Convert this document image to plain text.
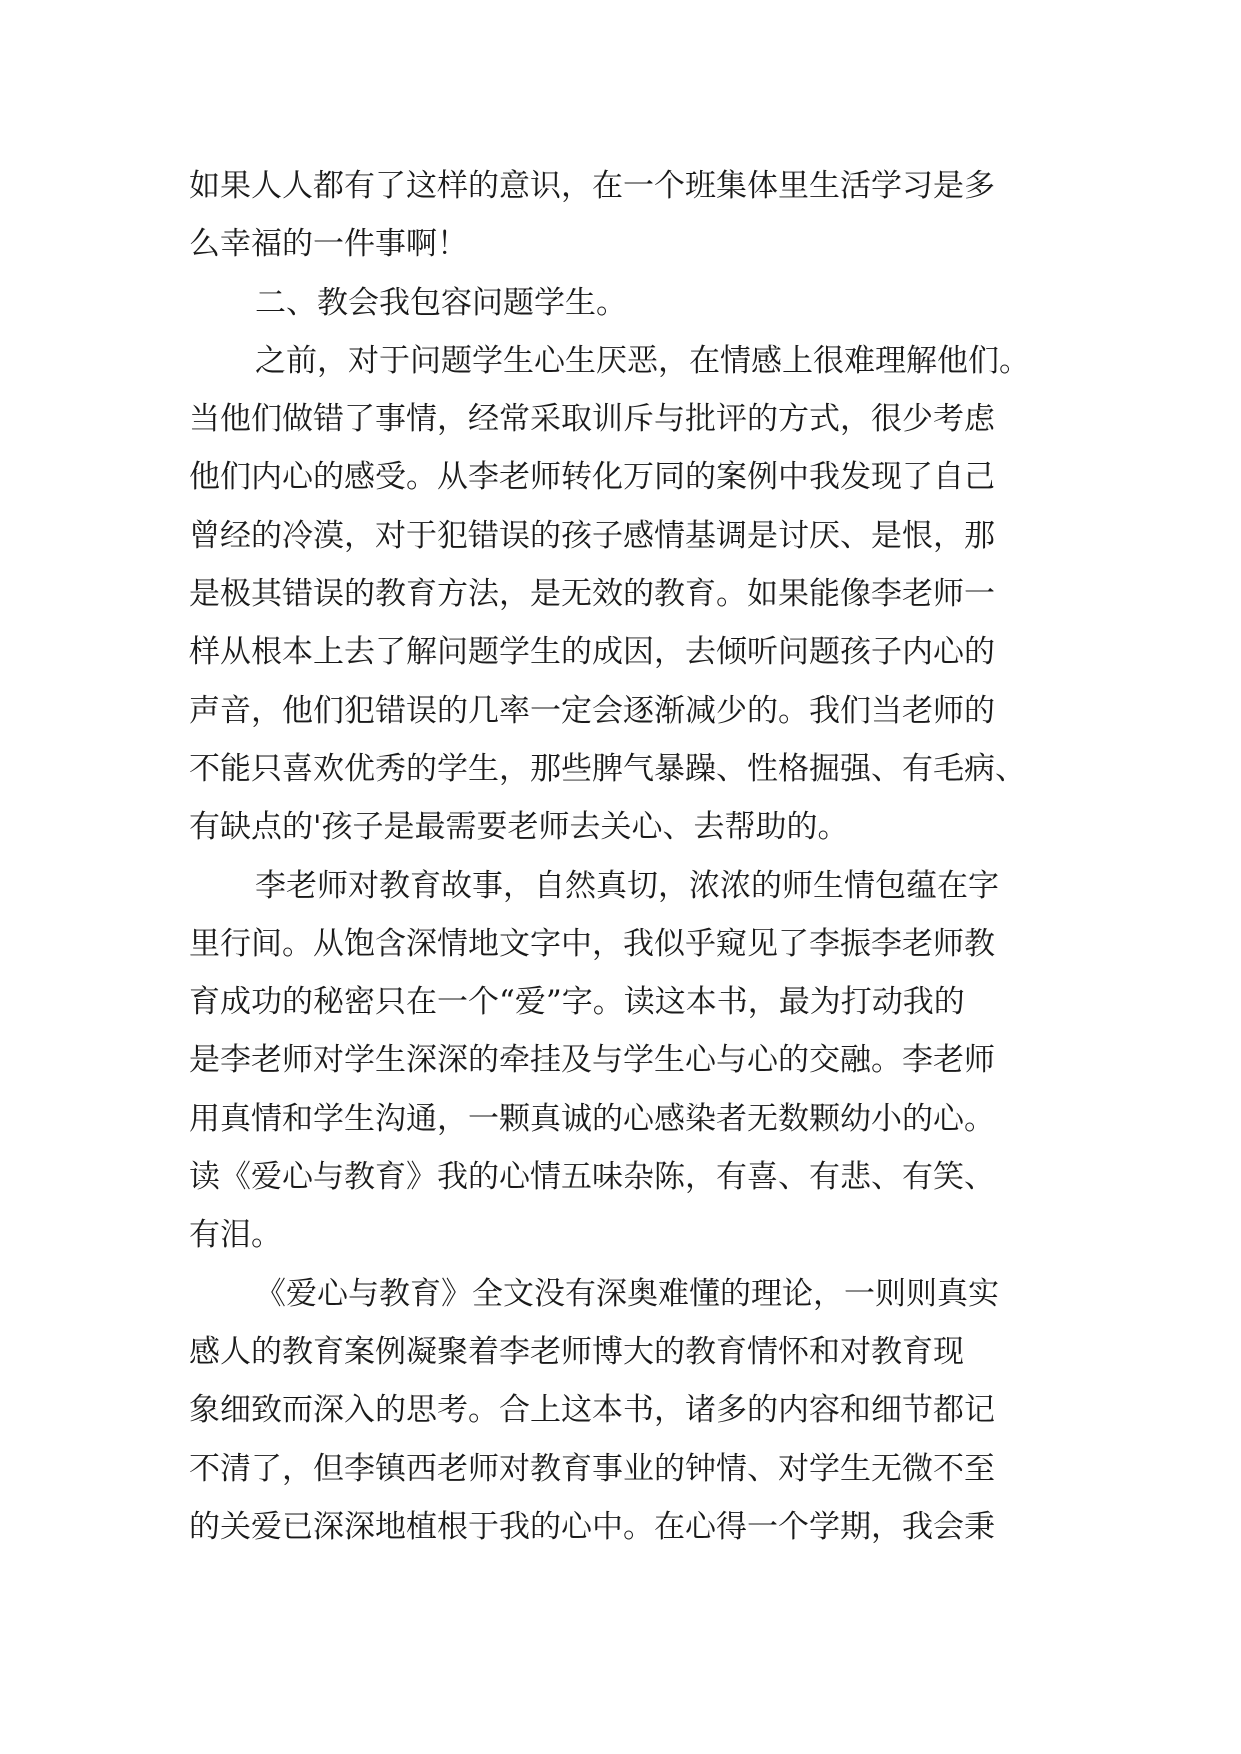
如果人人都有了这样的意识，在一个班集体里生活学习是多
么幸福的一件事啊！
二、教会我包容问题学生。
之前，对于问题学生心生厌恶，在情感上很难理解他们。
当他们做错了事情，经常采取训斥与批评的方式，很少考虑
他们内心的感受。从李老师转化万同的案例中我发现了自己
曾经的冷漠，对于犯错误的孩子感情基调是讨厌、是恨，那
是极其错误的教育方法，是无效的教育。如果能像李老师一
样从根本上去了解问题学生的成因，去倾听问题孩子内心的
声音，他们犯错误的几率一定会逐渐减少的。我们当老师的
不能只喜欢优秀的学生，那些脾气暴躁、性格掘强、有毛病、
有缺点的'孩子是最需要老师去关心、去帮助的。
李老师对教育故事，自然真切，浓浓的师生情包蕴在字
里行间。从饱含深情地文字中，我似乎窥见了李振李老师教
育成功的秘密只在一个“爱”字。读这本书，最为打动我的
是李老师对学生深深的牵挂及与学生心与心的交融。李老师
用真情和学生沟通，一颗真诚的心感染者无数颗幼小的心。
读《爱心与教育》我的心情五味杂陈，有喜、有悲、有笑、
有泪。
《爱心与教育》全文没有深奥难懂的理论，一则则真实
感人的教育案例凝聚着李老师博大的教育情怀和对教育现
象细致而深入的思考。合上这本书，诸多的内容和细节都记
不清了，但李镇西老师对教育事业的钟情、对学生无微不至
的关爱已深深地植根于我的心中。在心得一个学期，我会秉
